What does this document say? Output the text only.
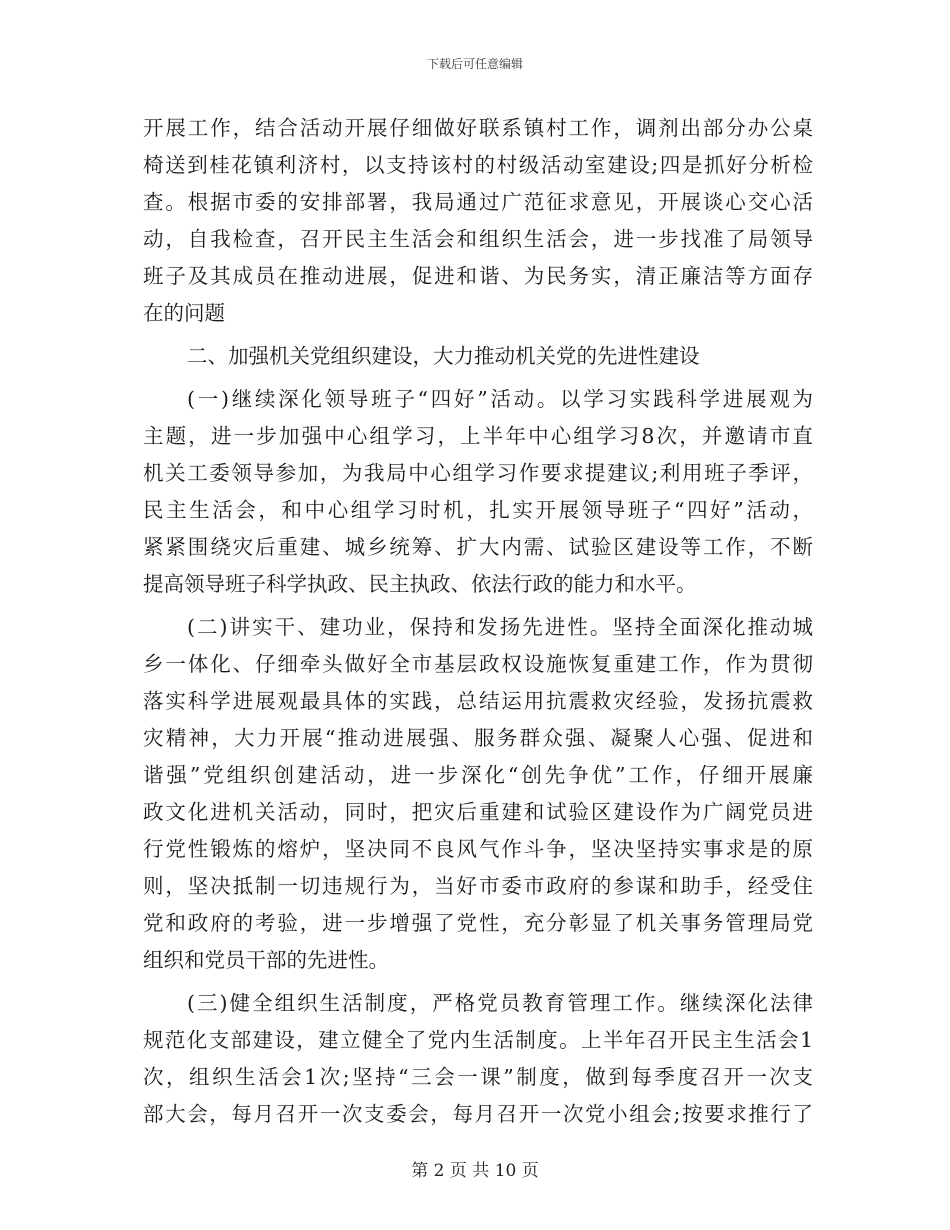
下载后可任意编辑
开展工作，结合活动开展仔细做好联系镇村工作，调剂出部分办公桌
椅送到桂花镇利济村，以支持该村的村级活动室建设;四是抓好分析检
查。根据市委的安排部署，我局通过广范征求意见，开展谈心交心活
动，自我检查，召开民主生活会和组织生活会，进一步找准了局领导
班子及其成员在推动进展，促进和谐、为民务实，清正廉洁等方面存
在的问题
二、加强机关党组织建设，大力推动机关党的先进性建设
(一)继续深化领导班子“四好”活动。以学习实践科学进展观为
主题，进一步加强中心组学习，上半年中心组学习8次，并邀请市直
机关工委领导参加，为我局中心组学习作要求提建议;利用班子季评，
民主生活会，和中心组学习时机，扎实开展领导班子“四好”活动，
紧紧围绕灾后重建、城乡统筹、扩大内需、试验区建设等工作，不断
提高领导班子科学执政、民主执政、依法行政的能力和水平。
(二)讲实干、建功业，保持和发扬先进性。坚持全面深化推动城
乡一体化、仔细牵头做好全市基层政权设施恢复重建工作，作为贯彻
落实科学进展观最具体的实践，总结运用抗震救灾经验，发扬抗震救
灾精神，大力开展“推动进展强、服务群众强、凝聚人心强、促进和
谐强”党组织创建活动，进一步深化“创先争优”工作，仔细开展廉
政文化进机关活动，同时，把灾后重建和试验区建设作为广阔党员进
行党性锻炼的熔炉，坚决同不良风气作斗争，坚决坚持实事求是的原
则，坚决抵制一切违规行为，当好市委市政府的参谋和助手，经受住
党和政府的考验，进一步增强了党性，充分彰显了机关事务管理局党
组织和党员干部的先进性。
(三)健全组织生活制度，严格党员教育管理工作。继续深化法律
规范化支部建设，建立健全了党内生活制度。上半年召开民主生活会1
次，组织生活会1次;坚持“三会一课”制度，做到每季度召开一次支
部大会，每月召开一次支委会，每月召开一次党小组会;按要求推行了
第 2 页 共 10 页
